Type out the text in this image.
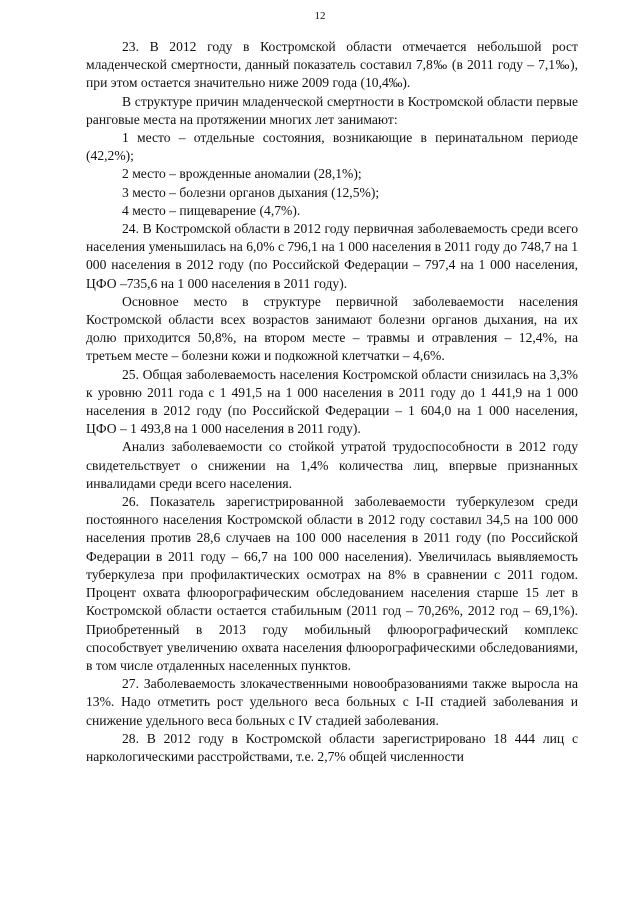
12

23. В 2012 году в Костромской области отмечается небольшой рост младенческой смертности, данный показатель составил 7,8‰ (в 2011 году – 7,1‰), при этом остается значительно ниже 2009 года (10,4‰).

В структуре причин младенческой смертности в Костромской области первые ранговые места на протяжении многих лет занимают:

1 место – отдельные состояния, возникающие в перинатальном периоде (42,2%);

2 место – врожденные аномалии (28,1%);

3 место – болезни органов дыхания (12,5%);

4 место – пищеварение (4,7%).

24. В Костромской области в 2012 году первичная заболеваемость среди всего населения уменьшилась на 6,0% с 796,1 на 1 000 населения в 2011 году до 748,7 на 1 000 населения в 2012 году (по Российской Федерации – 797,4 на 1 000 населения, ЦФО –735,6 на 1 000 населения в 2011 году).

Основное место в структуре первичной заболеваемости населения Костромской области всех возрастов занимают болезни органов дыхания, на их долю приходится 50,8%, на втором месте – травмы и отравления – 12,4%, на третьем месте – болезни кожи и подкожной клетчатки – 4,6%.

25. Общая заболеваемость населения Костромской области снизилась на 3,3% к уровню 2011 года с 1 491,5 на 1 000 населения в 2011 году до 1 441,9 на 1 000 населения в 2012 году (по Российской Федерации – 1 604,0 на 1 000 населения, ЦФО – 1 493,8 на 1 000 населения в 2011 году).

Анализ заболеваемости со стойкой утратой трудоспособности в 2012 году свидетельствует о снижении на 1,4% количества лиц, впервые признанных инвалидами среди всего населения.

26. Показатель зарегистрированной заболеваемости туберкулезом среди постоянного населения Костромской области в 2012 году составил 34,5 на 100 000 населения против 28,6 случаев на 100 000 населения в 2011 году (по Российской Федерации в 2011 году – 66,7 на 100 000 населения). Увеличилась выявляемость туберкулеза при профилактических осмотрах на 8% в сравнении с 2011 годом. Процент охвата флюорографическим обследованием населения старше 15 лет в Костромской области остается стабильным (2011 год – 70,26%, 2012 год – 69,1%). Приобретенный в 2013 году мобильный флюорографический комплекс способствует увеличению охвата населения флюорографическими обследованиями, в том числе отдаленных населенных пунктов.

27. Заболеваемость злокачественными новообразованиями также выросла на 13%. Надо отметить рост удельного веса больных с I-II стадией заболевания и снижение удельного веса больных с IV стадией заболевания.

28. В 2012 году в Костромской области зарегистрировано 18 444 лиц с наркологическими расстройствами, т.е. 2,7% общей численности
